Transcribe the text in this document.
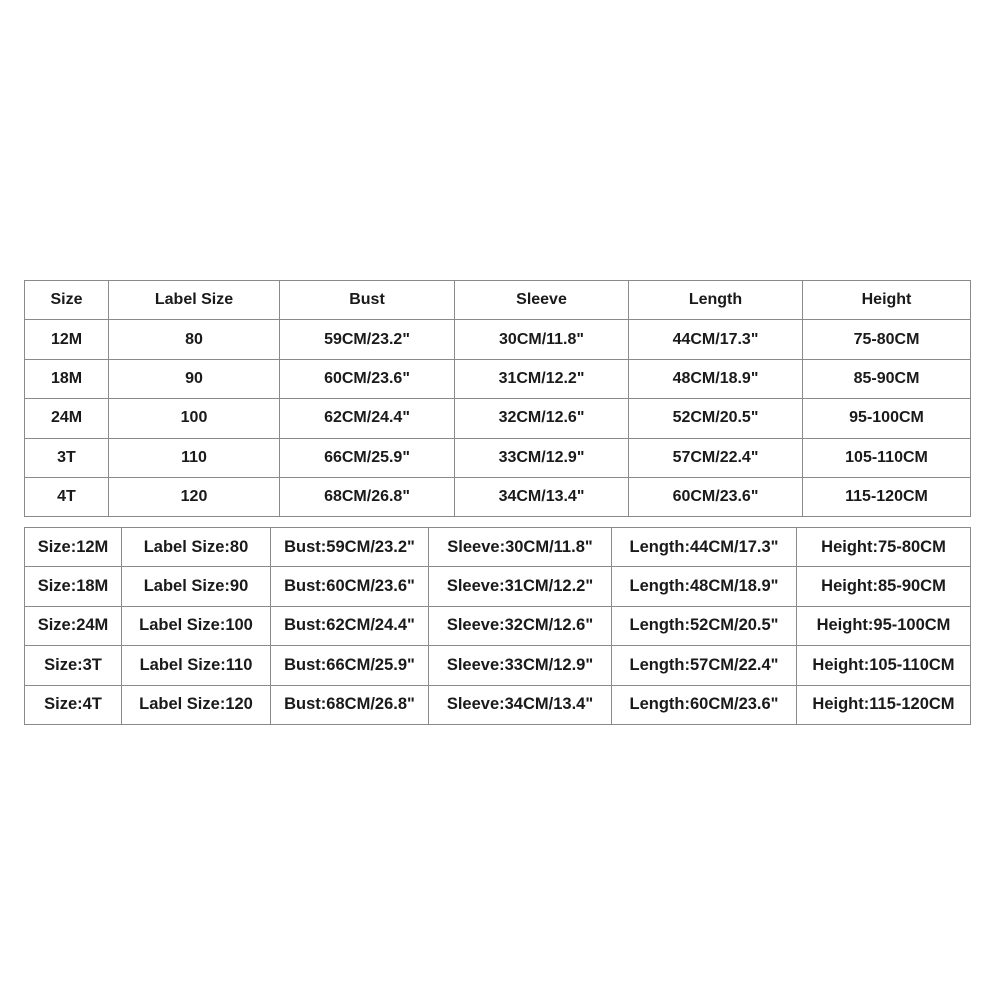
Size	Label Size	Bust	Sleeve	Length	Height
12M	80	59CM/23.2"	30CM/11.8"	44CM/17.3"	75-80CM
18M	90	60CM/23.6"	31CM/12.2"	48CM/18.9"	85-90CM
24M	100	62CM/24.4"	32CM/12.6"	52CM/20.5"	95-100CM
3T	110	66CM/25.9"	33CM/12.9"	57CM/22.4"	105-110CM
4T	120	68CM/26.8"	34CM/13.4"	60CM/23.6"	115-120CM
Size:12M	Label Size:80	Bust:59CM/23.2"	Sleeve:30CM/11.8"	Length:44CM/17.3"	Height:75-80CM
Size:18M	Label Size:90	Bust:60CM/23.6"	Sleeve:31CM/12.2"	Length:48CM/18.9"	Height:85-90CM
Size:24M	Label Size:100	Bust:62CM/24.4"	Sleeve:32CM/12.6"	Length:52CM/20.5"	Height:95-100CM
Size:3T	Label Size:110	Bust:66CM/25.9"	Sleeve:33CM/12.9"	Length:57CM/22.4"	Height:105-110CM
Size:4T	Label Size:120	Bust:68CM/26.8"	Sleeve:34CM/13.4"	Length:60CM/23.6"	Height:115-120CM
